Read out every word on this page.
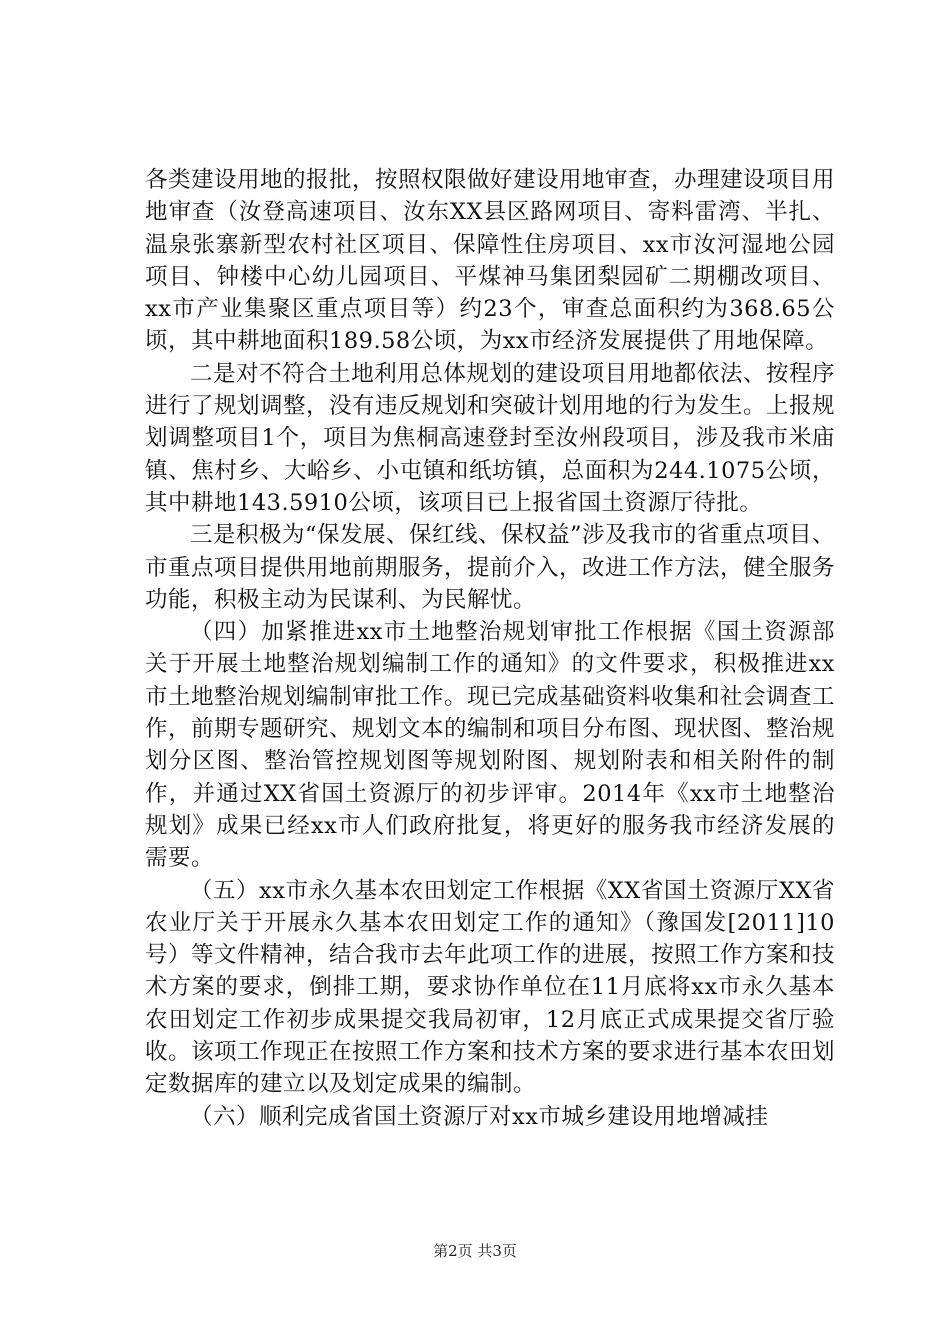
各类建设用地的报批，按照权限做好建设用地审查，办理建设项目用地审查（汝登高速项目、汝东XX县区路网项目、寄料雷湾、半扎、温泉张寨新型农村社区项目、保障性住房项目、xx市汝河湿地公园项目、钟楼中心幼儿园项目、平煤神马集团梨园矿二期棚改项目、xx市产业集聚区重点项目等）约23个，审查总面积约为368.65公顷，其中耕地面积189.58公顷，为xx市经济发展提供了用地保障。

二是对不符合土地利用总体规划的建设项目用地都依法、按程序进行了规划调整，没有违反规划和突破计划用地的行为发生。上报规划调整项目1个，项目为焦桐高速登封至汝州段项目，涉及我市米庙镇、焦村乡、大峪乡、小屯镇和纸坊镇，总面积为244.1075公顷，其中耕地143.5910公顷，该项目已上报省国土资源厅待批。

三是积极为“保发展、保红线、保权益”涉及我市的省重点项目、市重点项目提供用地前期服务，提前介入，改进工作方法，健全服务功能，积极主动为民谋利、为民解忧。

（四）加紧推进xx市土地整治规划审批工作根据《国土资源部关于开展土地整治规划编制工作的通知》的文件要求，积极推进xx市土地整治规划编制审批工作。现已完成基础资料收集和社会调查工作，前期专题研究、规划文本的编制和项目分布图、现状图、整治规划分区图、整治管控规划图等规划附图、规划附表和相关附件的制作，并通过XX省国土资源厅的初步评审。2014年《xx市土地整治规划》成果已经xx市人们政府批复，将更好的服务我市经济发展的需要。

（五）xx市永久基本农田划定工作根据《XX省国土资源厅XX省农业厅关于开展永久基本农田划定工作的通知》（豫国发[2011]10号）等文件精神，结合我市去年此项工作的进展，按照工作方案和技术方案的要求，倒排工期，要求协作单位在11月底将xx市永久基本农田划定工作初步成果提交我局初审，12月底正式成果提交省厅验收。该项工作现正在按照工作方案和技术方案的要求进行基本农田划定数据库的建立以及划定成果的编制。

（六）顺利完成省国土资源厅对xx市城乡建设用地增减挂

第2页 共3页
